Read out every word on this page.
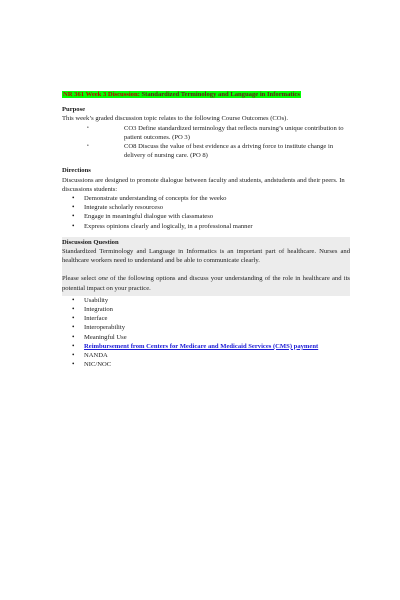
NR 361 Week 3 Discussion: Standardized Terminology and Language in Informatics
Purpose

This week’s graded discussion topic relates to the following Course Outcomes (COs).

•	CO3 Define standardized terminology that reflects nursing’s unique contribution to patient outcomes. (PO 3)
•	CO8 Discuss the value of best evidence as a driving force to institute change in delivery of nursing care. (PO 8)
Directions

Discussions are designed to promote dialogue between faculty and students, andstudents and their peers. In discussions students:

• Demonstrate understanding of concepts for the weeko
• Integrate scholarly resourceso
• Engage in meaningful dialogue with classmateso
• Express opinions clearly and logically, in a professional manner
Discussion Question

Standardized Terminology and Language in Informatics is an important part of healthcare. Nurses and healthcare workers need to understand and be able to communicate clearly.

Please select one of the following options and discuss your understanding of the role in healthcare and its potential impact on your practice.

• Usability
• Integration
• Interface
• Interoperability
• Meaningful Use
• Reimbursement from Centers for Medicare and Medicaid Services (CMS) payment
• NANDA
• NIC/NOC
